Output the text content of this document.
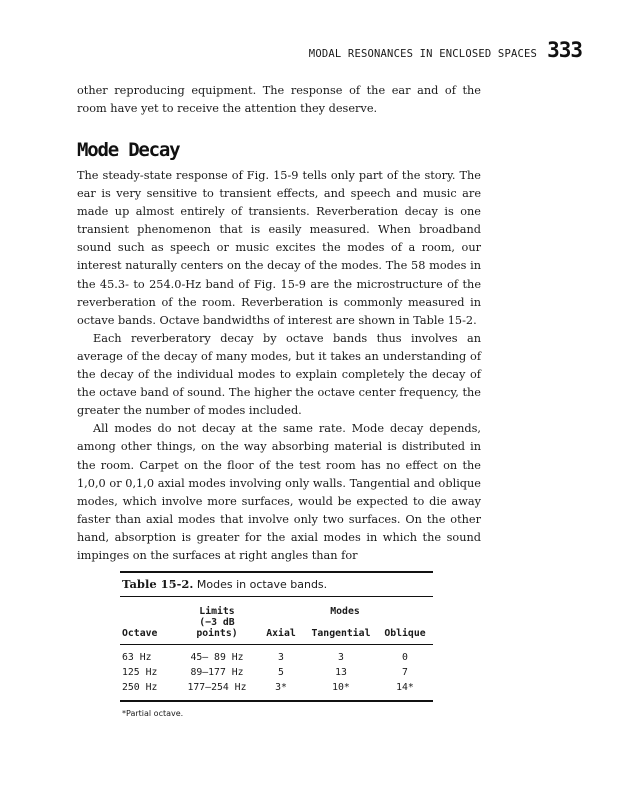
MODAL RESONANCES IN ENCLOSED SPACES 333

other reproducing equipment. The response of the ear and of the room have yet to receive the attention they deserve.

Mode Decay
The steady-state response of Fig. 15-9 tells only part of the story. The ear is very sensitive to transient effects, and speech and music are made up almost entirely of transients. Reverberation decay is one transient phenomenon that is easily measured. When broadband sound such as speech or music excites the modes of a room, our interest naturally centers on the decay of the modes. The 58 modes in the 45.3- to 254.0-Hz band of Fig. 15-9 are the microstructure of the reverberation of the room. Reverberation is commonly measured in octave bands. Octave bandwidths of interest are shown in Table 15-2.
Each reverberatory decay by octave bands thus involves an average of the decay of many modes, but it takes an understanding of the decay of the individual modes to explain completely the decay of the octave band of sound. The higher the octave center frequency, the greater the number of modes included.
All modes do not decay at the same rate. Mode decay depends, among other things, on the way absorbing material is distributed in the room. Carpet on the floor of the test room has no effect on the 1,0,0 or 0,1,0 axial modes involving only walls. Tangential and oblique modes, which involve more surfaces, would be expected to die away faster than axial modes that involve only two surfaces. On the other hand, absorption is greater for the axial modes in which the sound impinges on the surfaces at right angles than for
Table 15-2. Modes in octave bands.
	Limits	Modes		
	(−3 dB			
Octave	points)	Axial	Tangential	Oblique

63 Hz	45– 89 Hz	3	3	0
125 Hz	89–177 Hz	5	13	7
250 Hz	177–254 Hz	3*	10*	14*
*Partial octave.
